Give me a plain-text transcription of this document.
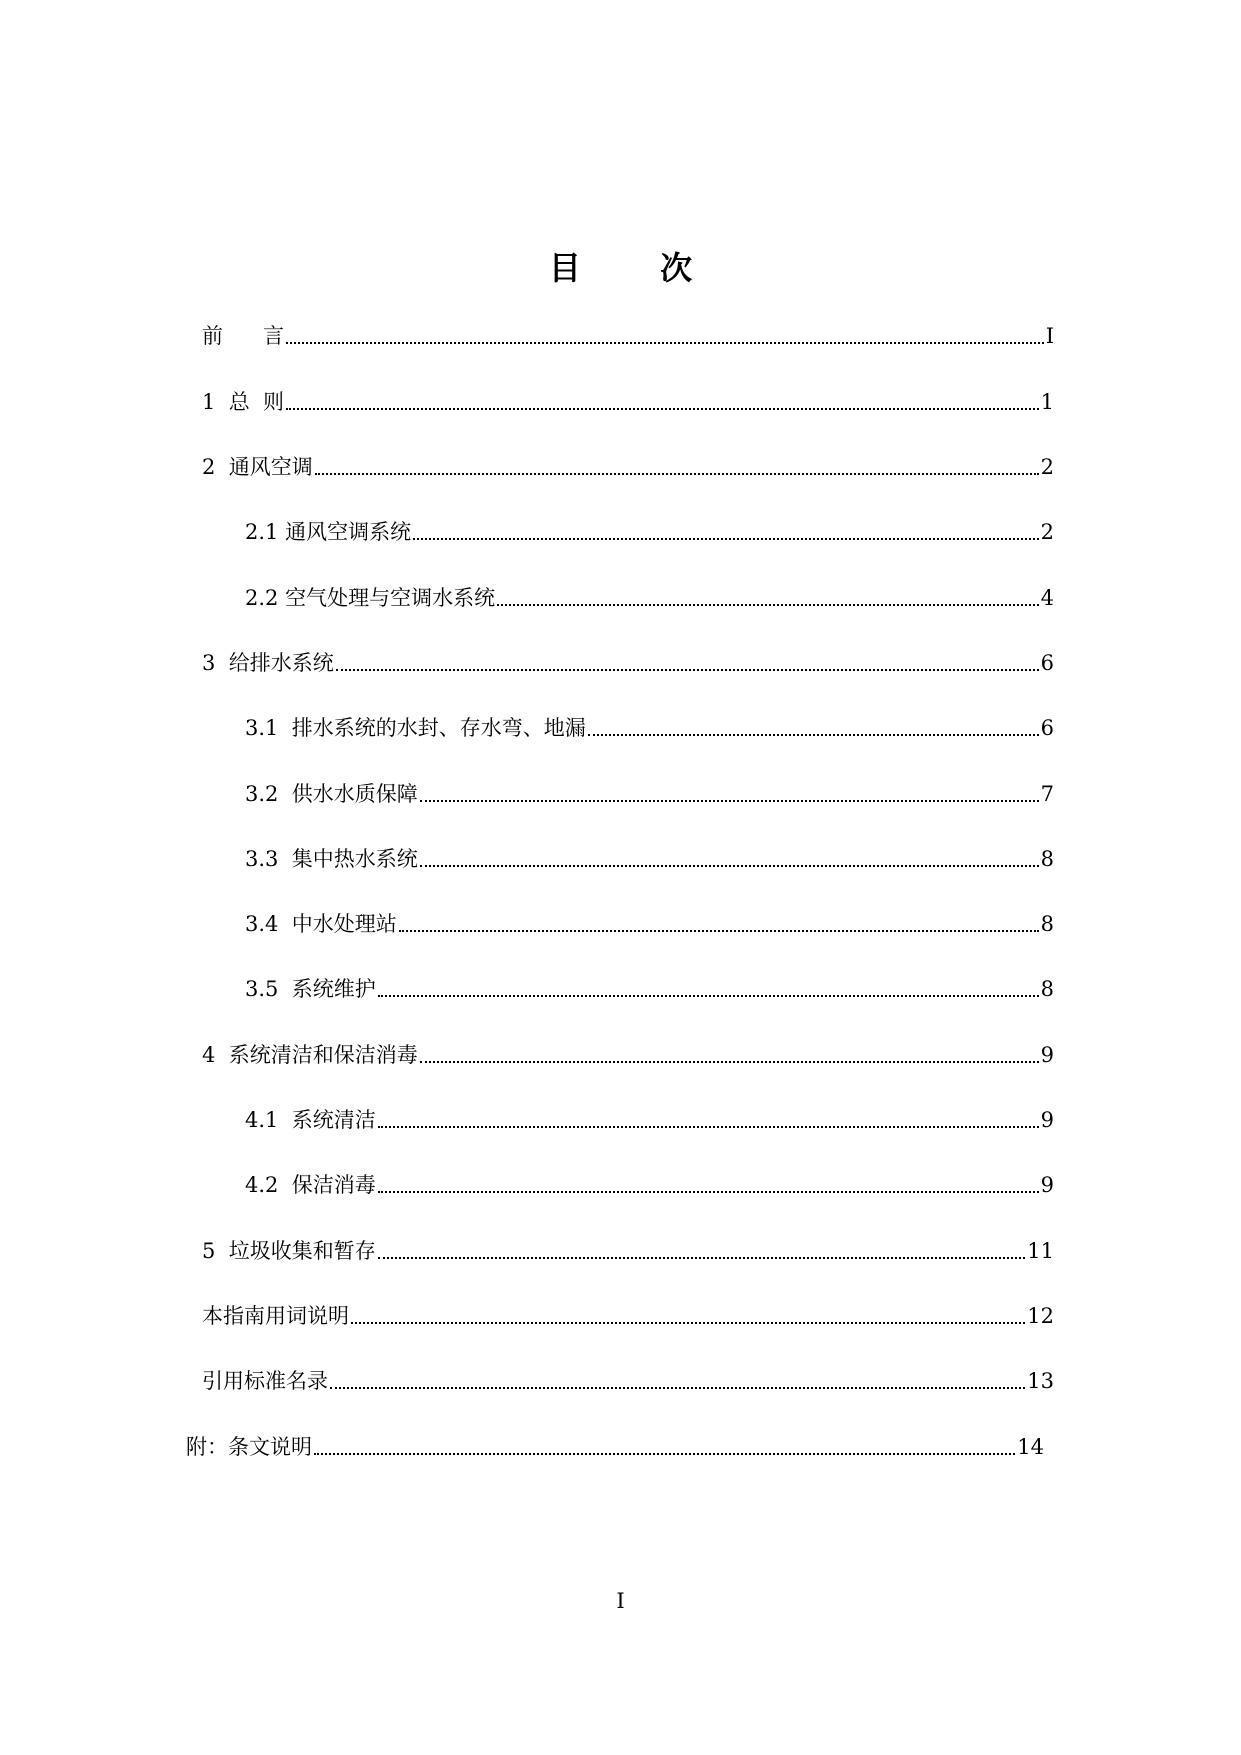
目 次
前      言	I
1  总  则	1
2  通风空调	2
2.1 通风空调系统	2
2.2 空气处理与空调水系统	4
3  给排水系统	6
3.1  排水系统的水封、存水弯、地漏	6
3.2  供水水质保障	7
3.3  集中热水系统	8
3.4  中水处理站	8
3.5  系统维护	8
4  系统清洁和保洁消毒	9
4.1  系统清洁	9
4.2  保洁消毒	9
5  垃圾收集和暂存	11
本指南用词说明	12
引用标准名录	13
附：条文说明	14
I
